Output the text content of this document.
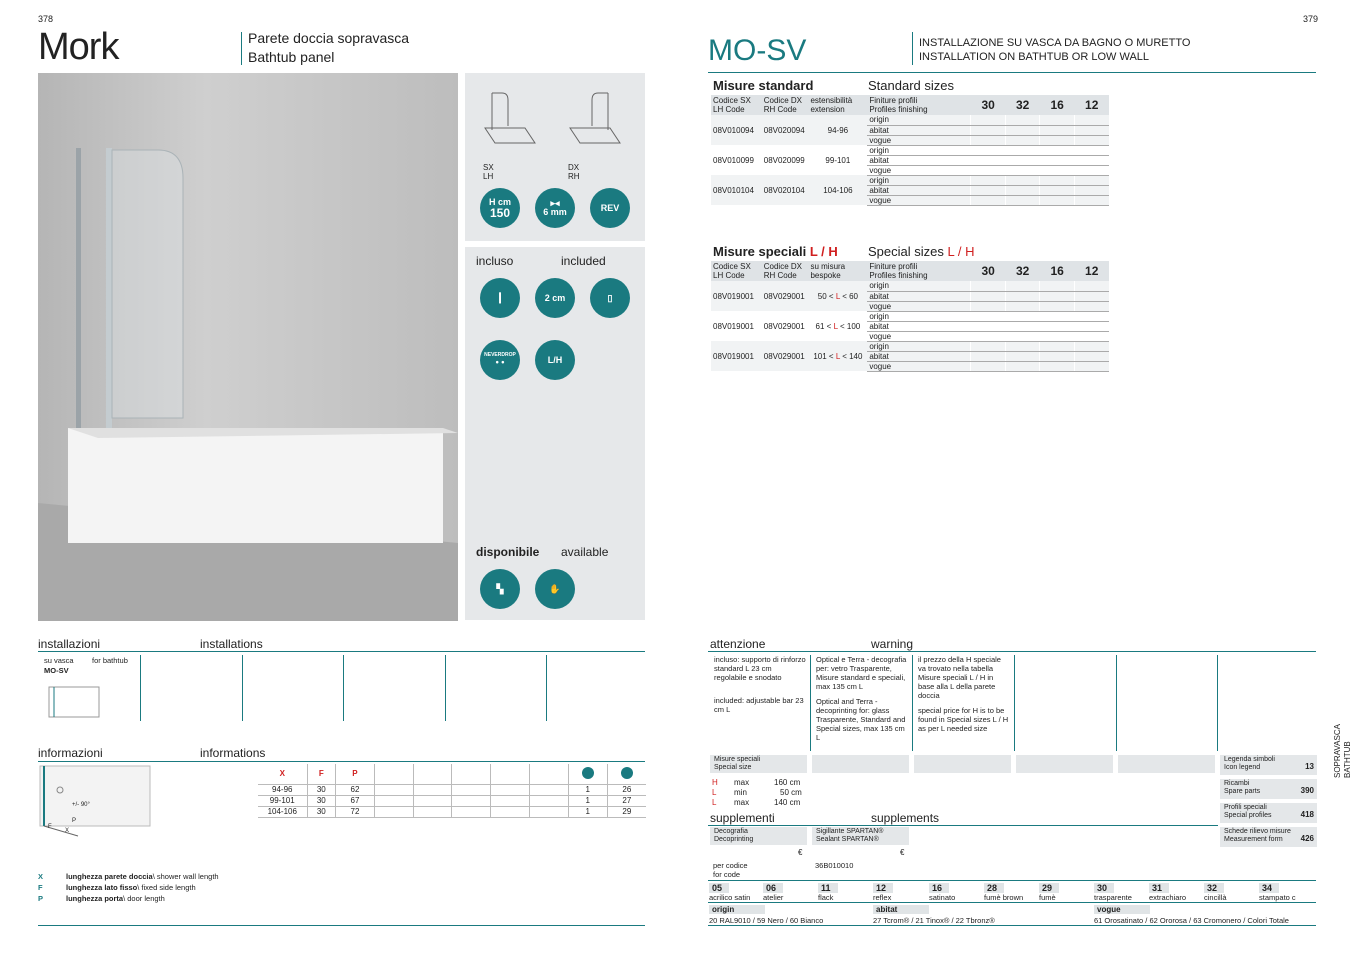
378
Mork	Parete doccia sopravasca
Bathtub panel
SX
LH
DX
RH
H cm
150
▸◂
6 mm	REV
incluso	included
▕▏	2 cm	▯
NEVERDROP
• •	L/H
disponibile available
▚	✋
installazioni	installations
su vasca for bathtub
MO-SV
informazioni	informations
+/- 90°
F
X
P
X	F	P							
94-96	30	62						1	26
99-101	30	67						1	27
104-106	30	72						1	29
X	lunghezza parete doccia\ shower wall length
F	lunghezza lato fisso\ fixed side length
P	lunghezza porta\ door length
379
MO-SV	INSTALLAZIONE SU VASCA DA BAGNO O MURETTO
INSTALLATION ON BATHTUB OR LOW WALL
Misure standard	Standard sizes
Codice SX
LH Code	Codice DX
RH Code	estensibilità
extension	Finiture profili
Profiles finishing	30	32	16	12
08V010094	08V020094	94-96	origin				
			abitat				
			vogue				
08V010099	08V020099	99-101	origin				
			abitat				
			vogue				
08V010104	08V020104	104-106	origin				
			abitat				
			vogue				
Misure speciali L / H Special sizes L / H
Codice SX
LH Code	Codice DX
RH Code	su misura
bespoke	Finiture profili
Profiles finishing	30	32	16	12
08V019001	08V029001	50 < L < 60	origin				
			abitat				
			vogue				
08V019001	08V029001	61 < L < 100	origin				
			abitat				
			vogue				
08V019001	08V029001	101 < L < 140	origin				
			abitat				
			vogue				
attenzione	warning
incluso: supporto di rinforzo standard L 23 cm regolabile e snodato
included: adjustable bar 23 cm L
Optical e Terra - decografia per: vetro Trasparente, Misure standard e speciali, max 135 cm L
Optical and Terra - decoprinting for: glass Trasparente, Standard and Special sizes, max 135 cm L
il prezzo della H speciale va trovato nella tabella Misure speciali L / H in base alla L della parete doccia
special price for H is to be found in Special sizes L / H as per L needed size
Misure speciali
Special size
H max	160 cm
L min	50 cm
L max	140 cm
Legenda simboli
Icon legend	13
Ricambi
Spare parts	390
Profili speciali
Special profiles	418
Schede rilievo misure
Measurement form	426
supplementi	supplements
Decografia
Decoprinting
Sigillante SPARTAN®
Sealant SPARTAN®
€	€
per codice
for code
36B010010
05
acrilico satin
06
atelier
11
flack
12
reflex
16
satinato
28
fumè brown
29
fumè
30
trasparente
31
extrachiaro
32
cincillà
34
stampato c
origin
20 RAL9010 / 59 Nero / 60 Bianco
abitat
27 Tcrom® / 21 Tinox® / 22 Tbronz®
vogue
61 Orosatinato / 62 Ororosa / 63 Cromonero / Colori Totale
SOPRAVASCA BATHTUB
